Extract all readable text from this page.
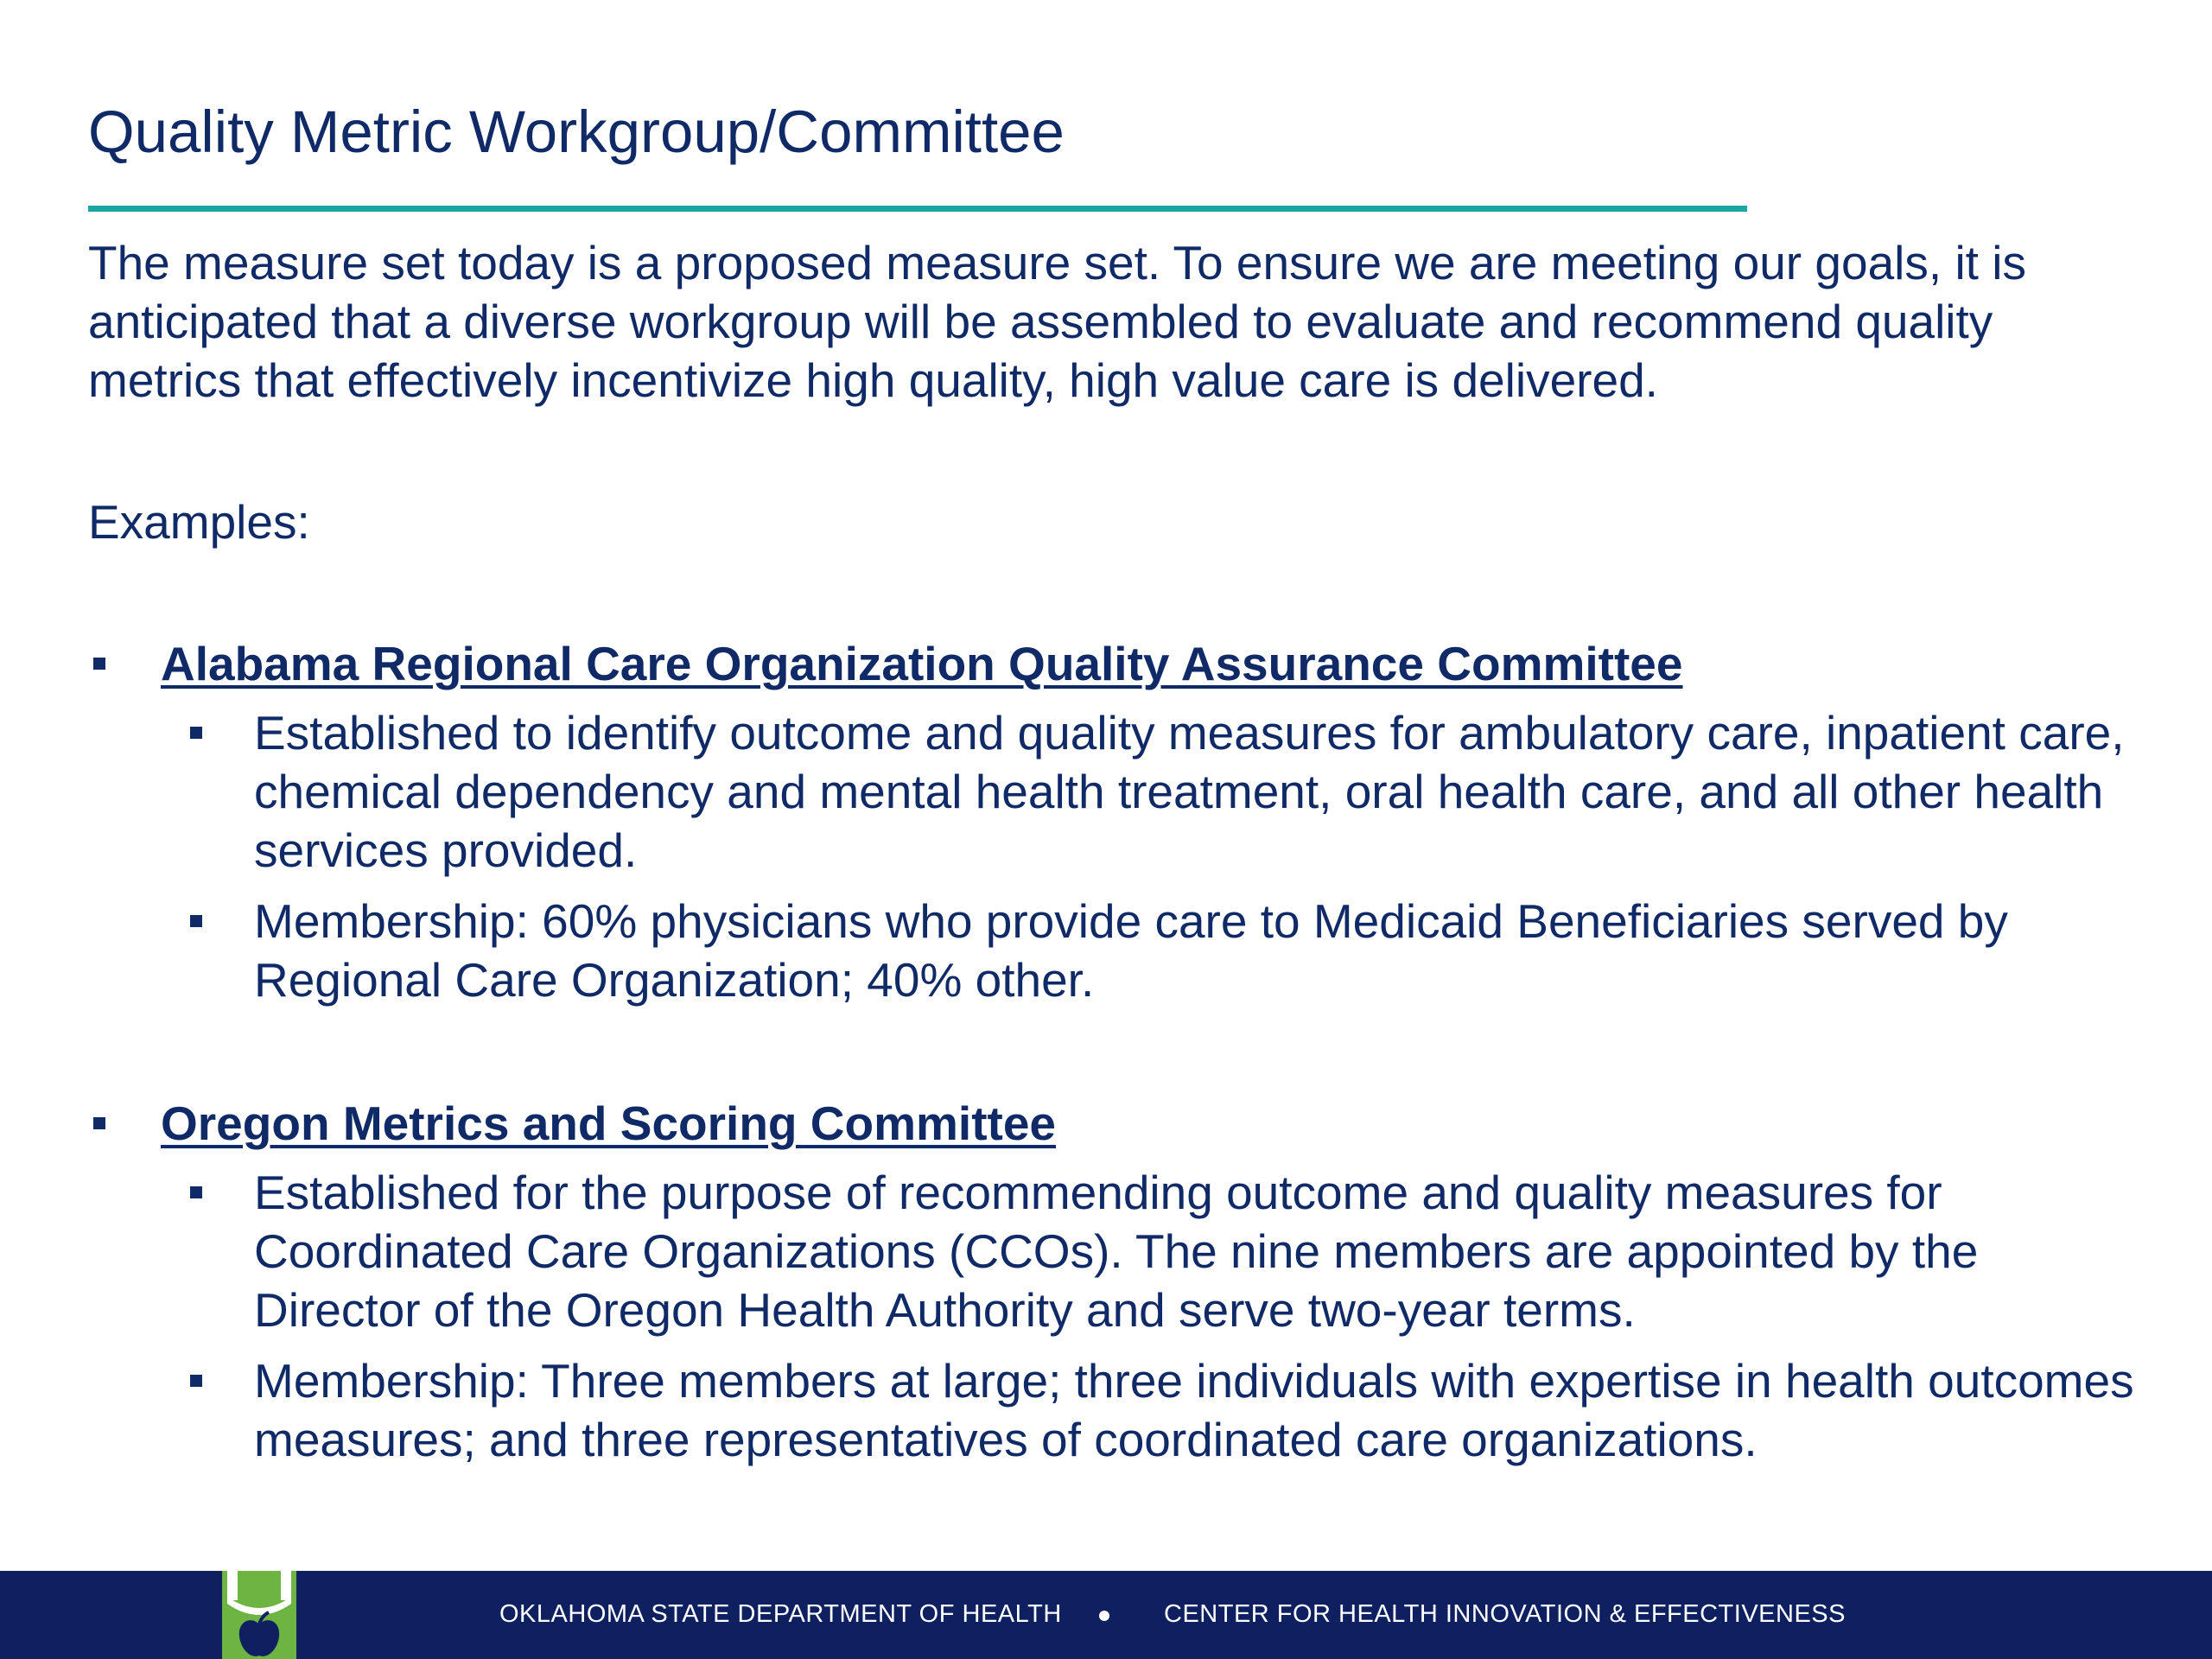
Quality Metric Workgroup/Committee

The measure set today is a proposed measure set. To ensure we are meeting our goals, it is anticipated that a diverse workgroup will be assembled to evaluate and recommend quality metrics that effectively incentivize high quality, high value care is delivered.

Examples:

Alabama Regional Care Organization Quality Assurance Committee
Established to identify outcome and quality measures for ambulatory care, inpatient care, chemical dependency and mental health treatment, oral health care, and all other health services provided.
Membership: 60% physicians who provide care to Medicaid Beneficiaries served by Regional Care Organization; 40% other.
Oregon Metrics and Scoring Committee
Established for the purpose of recommending outcome and quality measures for Coordinated Care Organizations (CCOs). The nine members are appointed by the Director of the Oregon Health Authority and serve two-year terms.
Membership: Three members at large; three individuals with expertise in health outcomes measures; and three representatives of coordinated care organizations.
OKLAHOMA STATE DEPARTMENT OF HEALTH	CENTER FOR HEALTH INNOVATION & EFFECTIVENESS
